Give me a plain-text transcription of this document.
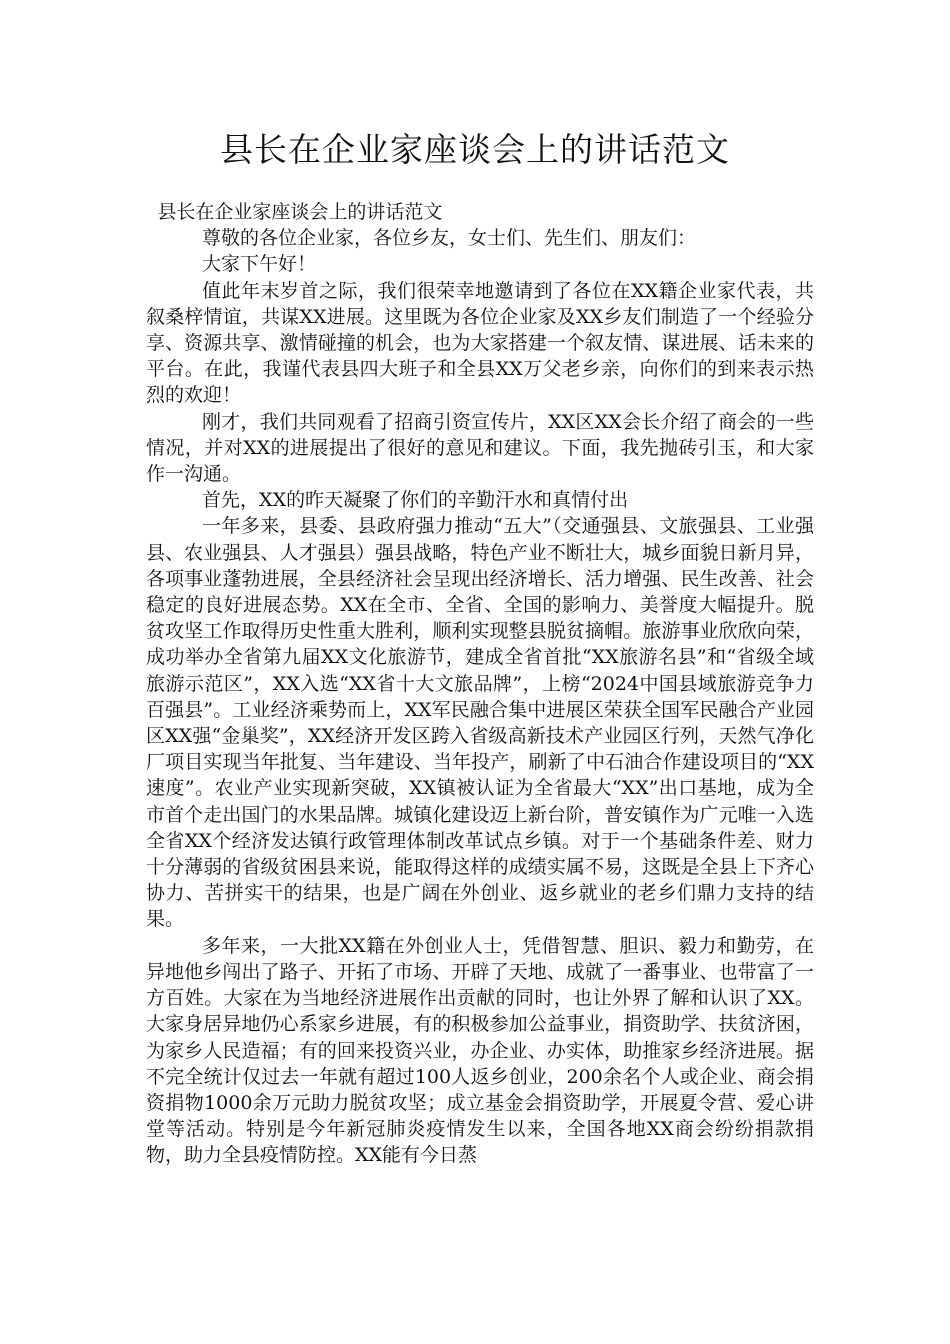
县长在企业家座谈会上的讲话范文

县长在企业家座谈会上的讲话范文

尊敬的各位企业家，各位乡友，女士们、先生们、朋友们：

大家下午好！

值此年末岁首之际，我们很荣幸地邀请到了各位在XX籍企业家代表，共叙桑梓情谊，共谋XX进展。这里既为各位企业家及XX乡友们制造了一个经验分享、资源共享、激情碰撞的机会，也为大家搭建一个叙友情、谋进展、话未来的平台。在此，我谨代表县四大班子和全县XX万父老乡亲，向你们的到来表示热烈的欢迎！

刚才，我们共同观看了招商引资宣传片，XX区XX会长介绍了商会的一些情况，并对XX的进展提出了很好的意见和建议。下面，我先抛砖引玉，和大家作一沟通。

首先，XX的昨天凝聚了你们的辛勤汗水和真情付出

一年多来，县委、县政府强力推动“五大”（交通强县、文旅强县、工业强县、农业强县、人才强县）强县战略，特色产业不断壮大，城乡面貌日新月异，各项事业蓬勃进展，全县经济社会呈现出经济增长、活力增强、民生改善、社会稳定的良好进展态势。XX在全市、全省、全国的影响力、美誉度大幅提升。脱贫攻坚工作取得历史性重大胜利，顺利实现整县脱贫摘帽。旅游事业欣欣向荣，成功举办全省第九届XX文化旅游节，建成全省首批“XX旅游名县”和“省级全域旅游示范区”，XX入选“XX省十大文旅品牌”，上榜“2024中国县域旅游竞争力百强县”。工业经济乘势而上，XX军民融合集中进展区荣获全国军民融合产业园区XX强“金巢奖”，XX经济开发区跨入省级高新技术产业园区行列，天然气净化厂项目实现当年批复、当年建设、当年投产，刷新了中石油合作建设项目的“XX速度”。农业产业实现新突破，XX镇被认证为全省最大“XX”出口基地，成为全市首个走出国门的水果品牌。城镇化建设迈上新台阶，普安镇作为广元唯一入选全省XX个经济发达镇行政管理体制改革试点乡镇。对于一个基础条件差、财力十分薄弱的省级贫困县来说，能取得这样的成绩实属不易，这既是全县上下齐心协力、苦拼实干的结果，也是广阔在外创业、返乡就业的老乡们鼎力支持的结果。

多年来，一大批XX籍在外创业人士，凭借智慧、胆识、毅力和勤劳，在异地他乡闯出了路子、开拓了市场、开辟了天地、成就了一番事业、也带富了一方百姓。大家在为当地经济进展作出贡献的同时，也让外界了解和认识了XX。大家身居异地仍心系家乡进展，有的积极参加公益事业，捐资助学、扶贫济困，为家乡人民造福；有的回来投资兴业，办企业、办实体，助推家乡经济进展。据不完全统计仅过去一年就有超过100人返乡创业，200余名个人或企业、商会捐资捐物1000余万元助力脱贫攻坚；成立基金会捐资助学，开展夏令营、爱心讲堂等活动。特别是今年新冠肺炎疫情发生以来，全国各地XX商会纷纷捐款捐物，助力全县疫情防控。XX能有今日蒸
